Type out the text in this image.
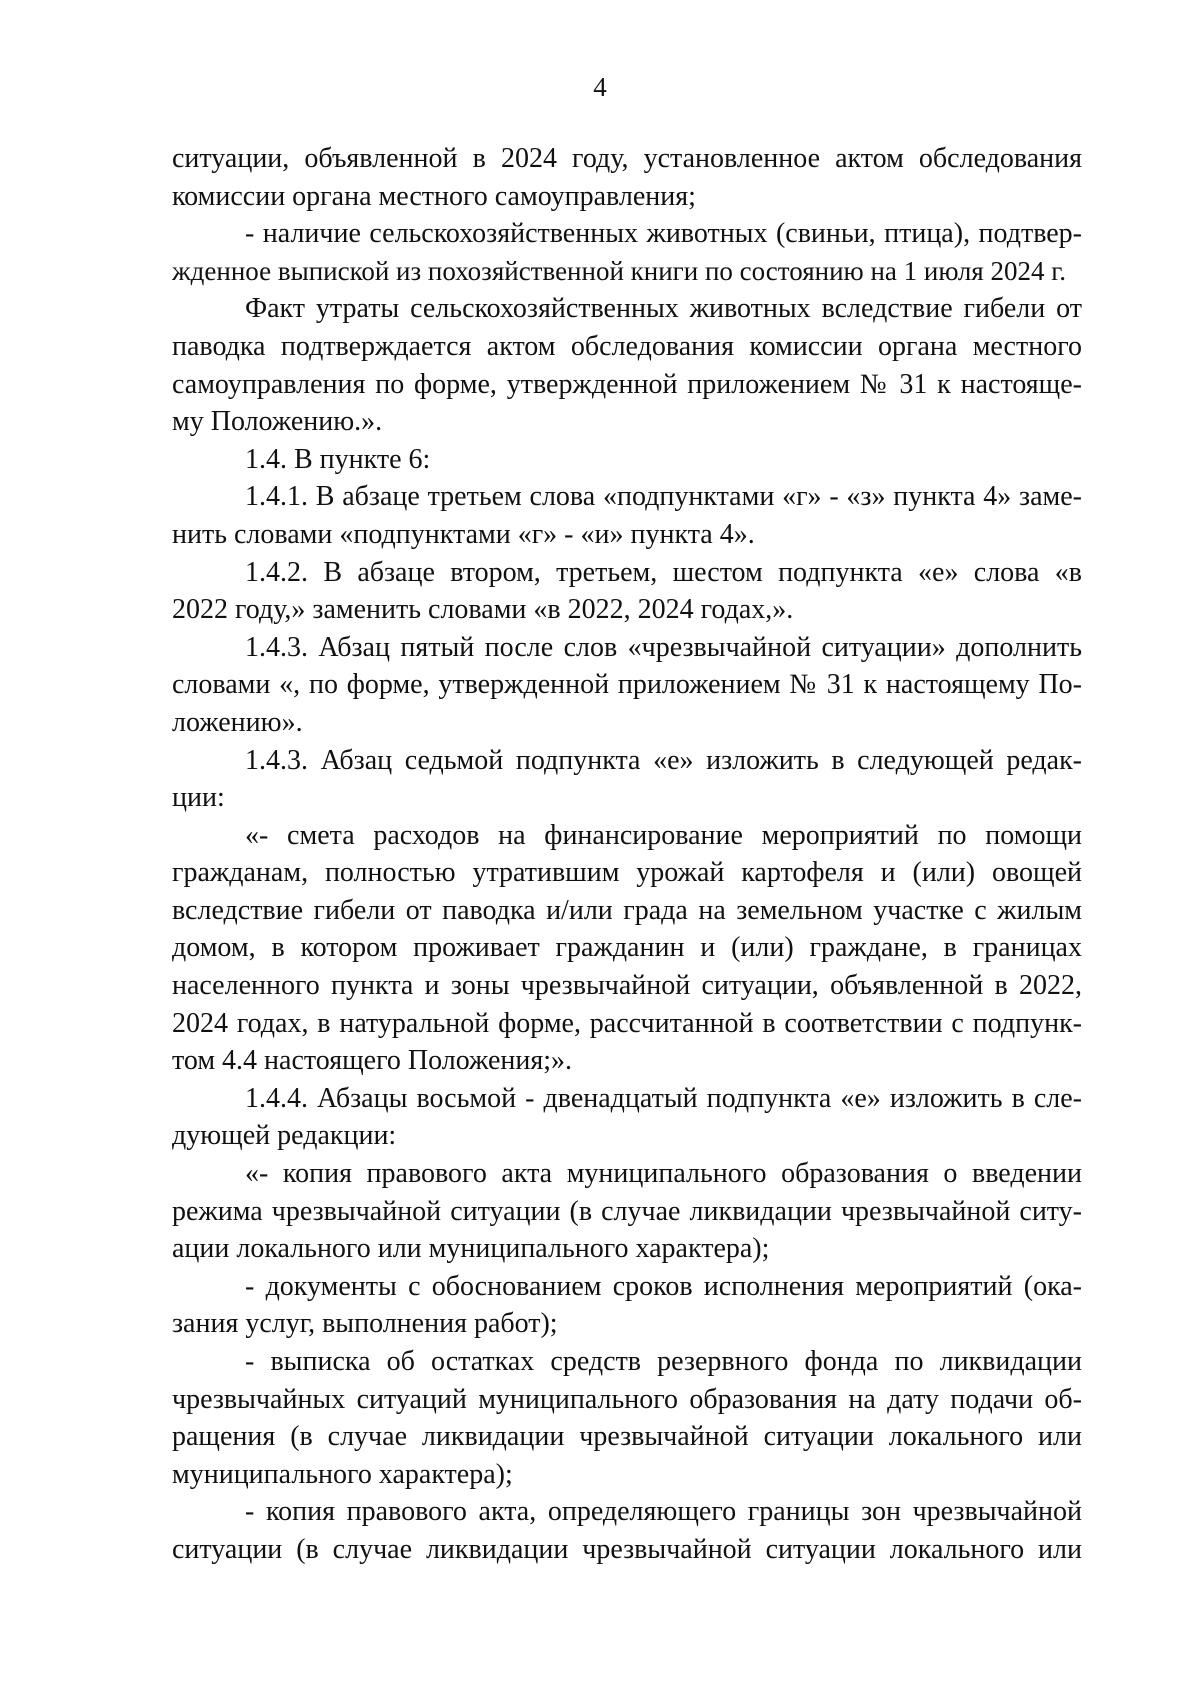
4
ситуации, объявленной в 2024 году, установленное актом обследования
комиссии органа местного самоуправления;
- наличие сельскохозяйственных животных (свиньи, птица), подтвер-
жденное выпиской из похозяйственной книги по состоянию на 1 июля 2024 г.
Факт утраты сельскохозяйственных животных вследствие гибели от
паводка подтверждается актом обследования комиссии органа местного
самоуправления по форме, утвержденной приложением № 31 к настояще-
му Положению.».
1.4. В пункте 6:
1.4.1. В абзаце третьем слова «подпунктами «г» - «з» пункта 4» заме-
нить словами «подпунктами «г» - «и» пункта 4».
1.4.2. В абзаце втором, третьем, шестом подпункта «е» слова «в
2022 году,» заменить словами «в 2022, 2024 годах,».
1.4.3. Абзац пятый после слов «чрезвычайной ситуации» дополнить
словами «, по форме, утвержденной приложением № 31 к настоящему По-
ложению».
1.4.3. Абзац седьмой подпункта «е» изложить в следующей редак-
ции:
«- смета расходов на финансирование мероприятий по помощи
гражданам, полностью утратившим урожай картофеля и (или) овощей
вследствие гибели от паводка и/или града на земельном участке с жилым
домом, в котором проживает гражданин и (или) граждане, в границах
населенного пункта и зоны чрезвычайной ситуации, объявленной в 2022,
2024 годах, в натуральной форме, рассчитанной в соответствии с подпунк-
том 4.4 настоящего Положения;».
1.4.4. Абзацы восьмой - двенадцатый подпункта «е» изложить в сле-
дующей редакции:
«- копия правового акта муниципального образования о введении
режима чрезвычайной ситуации (в случае ликвидации чрезвычайной ситу-
ации локального или муниципального характера);
- документы с обоснованием сроков исполнения мероприятий (ока-
зания услуг, выполнения работ);
- выписка об остатках средств резервного фонда по ликвидации
чрезвычайных ситуаций муниципального образования на дату подачи об-
ращения (в случае ликвидации чрезвычайной ситуации локального или
муниципального характера);
- копия правового акта, определяющего границы зон чрезвычайной
ситуации (в случае ликвидации чрезвычайной ситуации локального или
